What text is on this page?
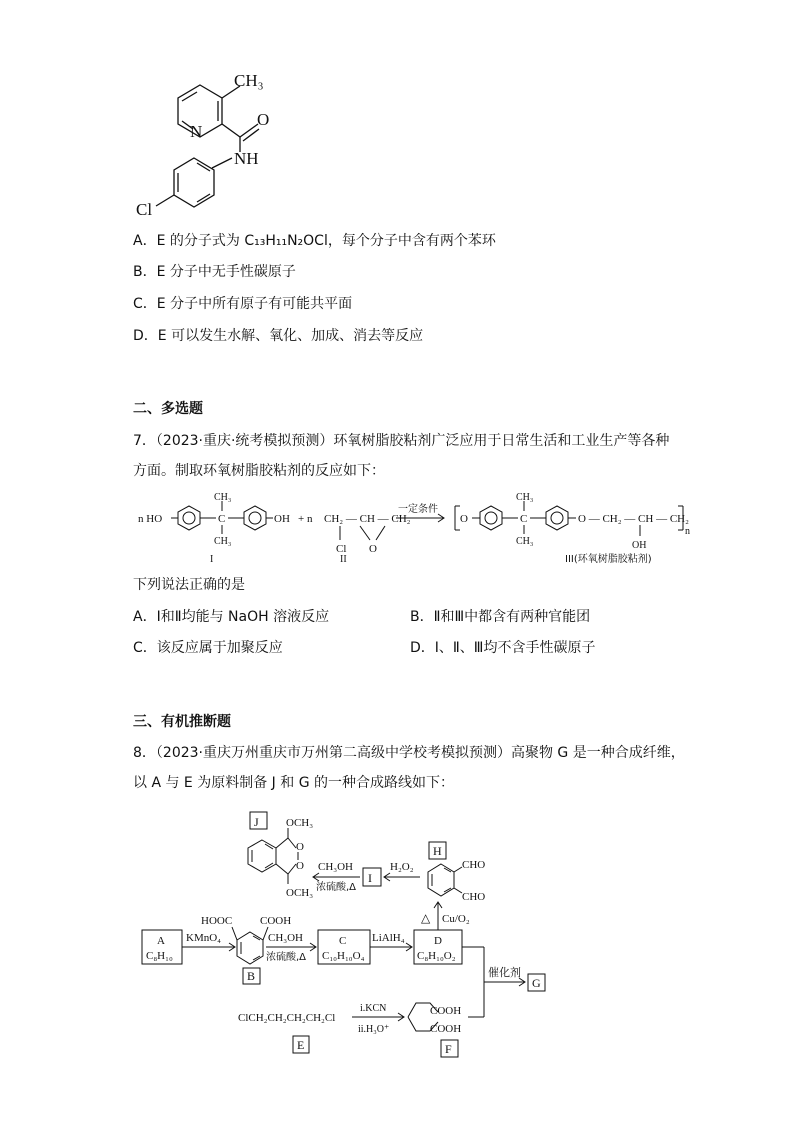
CH₃
N
O
NH
Cl
A．E 的分子式为 C₁₃H₁₁N₂OCl，每个分子中含有两个苯环
B．E 分子中无手性碳原子
C．E 分子中所有原子有可能共平面
D．E 可以发生水解、氧化、加成、消去等反应
二、多选题
7．（2023·重庆·统考模拟预测）环氧树脂胶粘剂广泛应用于日常生活和工业生产等各种
方面。制取环氧树脂胶粘剂的反应如下：
n HO	OH
CH₃
C
CH₃
+ n CH₂ — CH — CH₂
Cl O
一定条件
O
CH₃
C
CH₃
O — CH₂ — CH — CH₂
OH
n
I	II	III(环氧树脂胶粘剂)
下列说法正确的是
A．Ⅰ和Ⅱ均能与 NaOH 溶液反应	B．Ⅱ和Ⅲ中都含有两种官能团
C．该反应属于加聚反应	D．Ⅰ、Ⅱ、Ⅲ均不含手性碳原子
三、有机推断题
8．（2023·重庆万州重庆市万州第二高级中学校考模拟预测）高聚物 G 是一种合成纤维，
以 A 与 E 为原料制备 J 和 G 的一种合成路线如下：
J OCH₃
O
O
OCH₃
CH₃OH
浓硫酸,Δ
I
H₂O₂
H
CHO
CHO
△ Cu/O₂
A
C₈H₁₀
KMnO₄
HOOC	COOH
B
CH₃OH
浓硫酸,Δ
C
C₁₀H₁₀O₄
LiAlH₄	D
C₈H₁₀O₂
催化剂
G
ClCH₂CH₂CH₂CH₂Cl
i.KCN
ii.H₃O⁺
E
COOH
COOH
F
